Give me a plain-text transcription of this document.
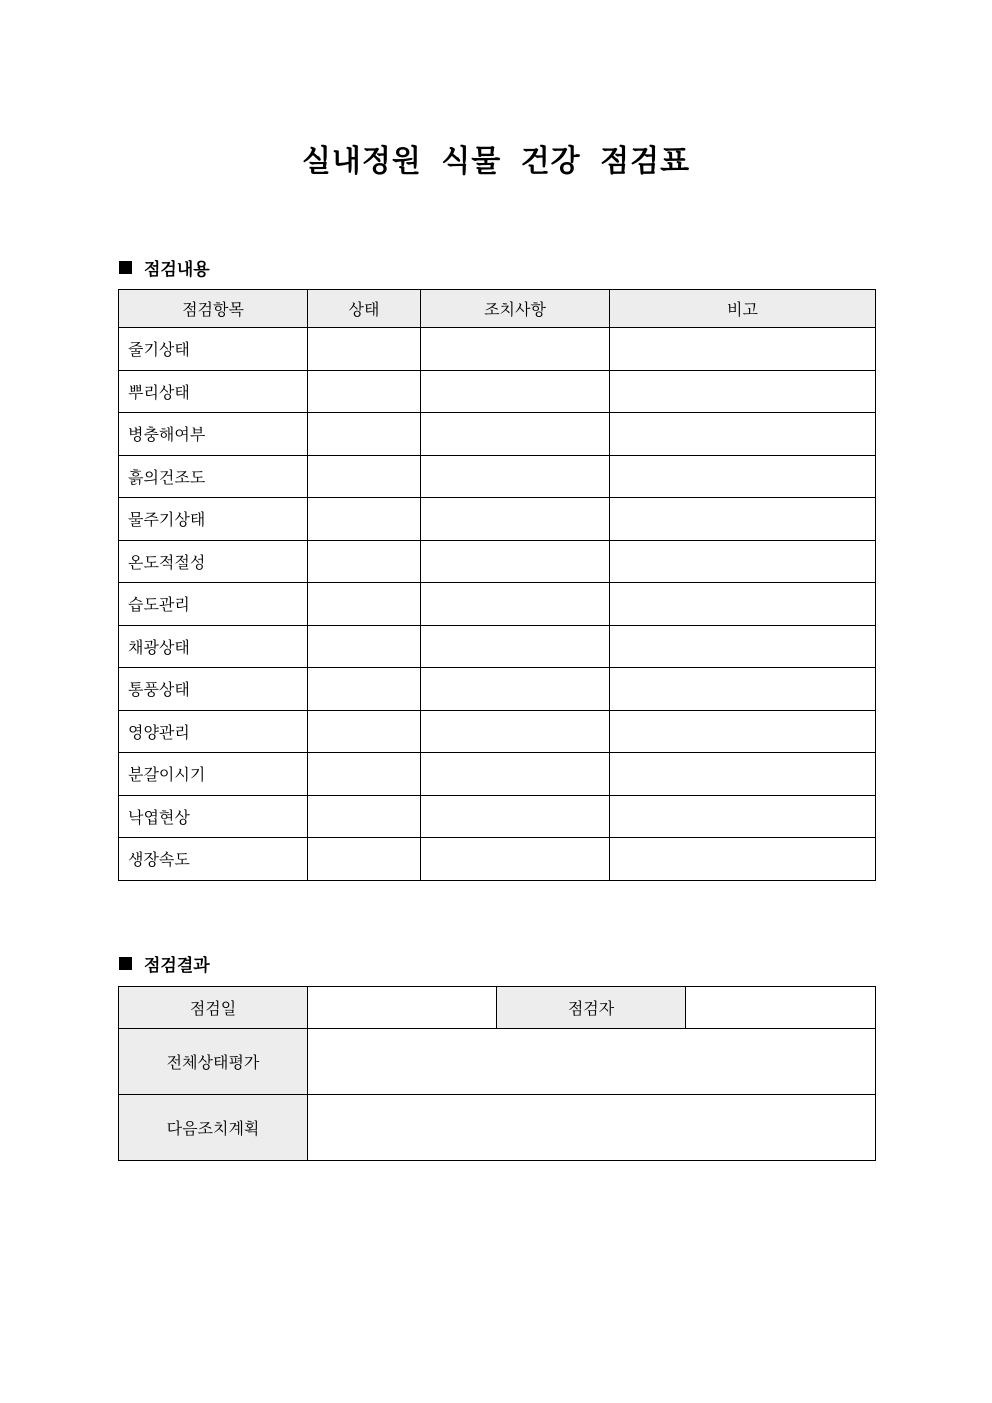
실내정원 식물 건강 점검표
점검내용
점검항목	상태	조치사항	비고
줄기상태			
뿌리상태			
병충해여부			
흙의건조도			
물주기상태			
온도적절성			
습도관리			
채광상태			
통풍상태			
영양관리			
분갈이시기			
낙엽현상			
생장속도			
점검결과
점검일		점검자	
전체상태평가			
다음조치계획			
